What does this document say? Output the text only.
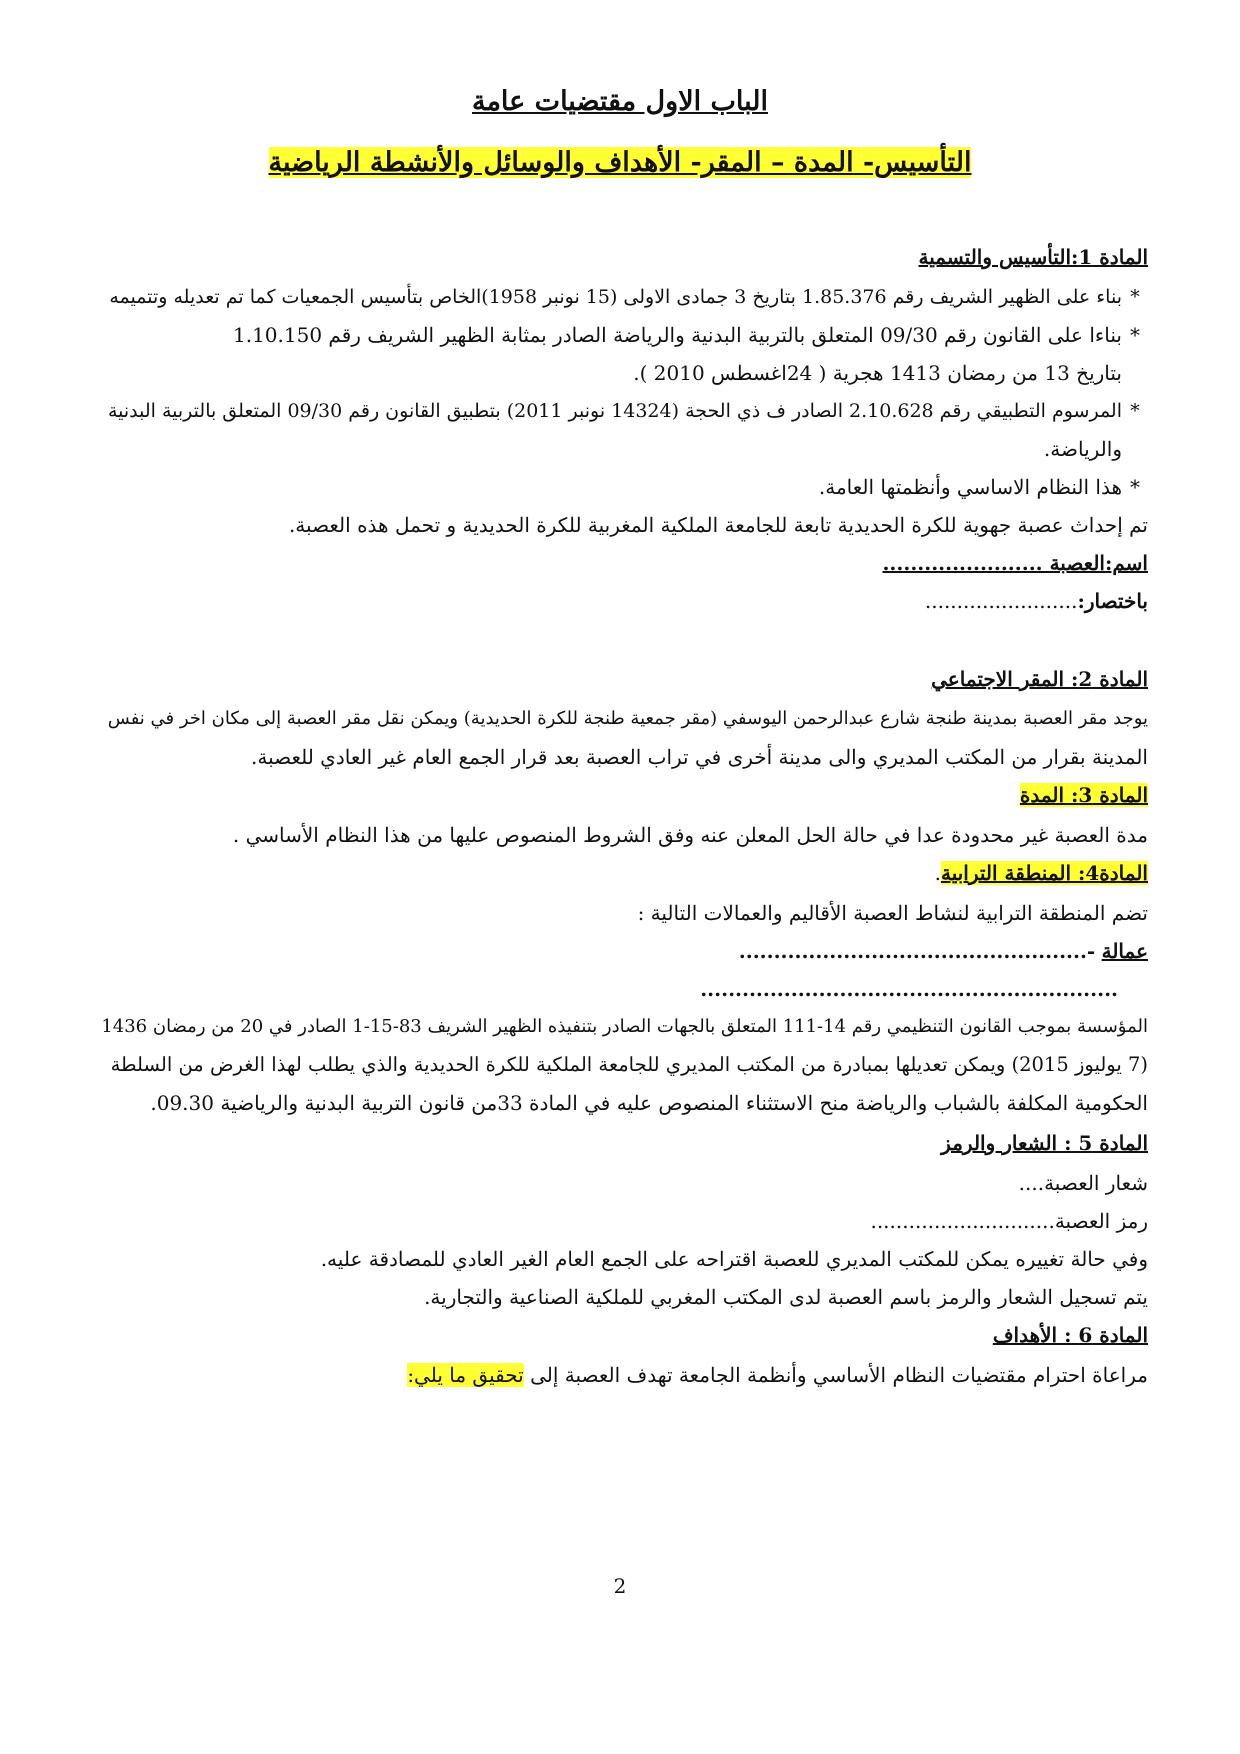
الباب الاول مقتضيات عامة
التأسيس- المدة – المقر- الأهداف والوسائل والأنشطة الرياضية
المادة 1:التأسيس والتسمية
*بناء على الظهير الشريف رقم 1.85.376 بتاريخ 3 جمادى الاولى (15 نونبر 1958)الخاص بتأسيس الجمعيات كما تم تعديله وتتميمه
*بناءا على القانون رقم 09/30 المتعلق بالتربية البدنية والرياضة الصادر بمثابة الظهير الشريف رقم 1.10.150
بتاريخ 13 من رمضان 1413 هجرية ( 24اغسطس 2010 ).
*المرسوم التطبيقي رقم 2.10.628 الصادر ف ذي الحجة (14324 نونبر 2011) بتطبيق القانون رقم 09/30 المتعلق بالتربية البدنية
والرياضة.
*هذا النظام الاساسي وأنظمتها العامة.
تم إحداث عصبة جهوية للكرة الحديدية تابعة للجامعة الملكية المغربية للكرة الحديدية و تحمل هذه العصبة.
اسم:العصبة .......................
باختصار:........................
المادة 2: المقر الاجتماعي
يوجد مقر العصبة بمدينة طنجة شارع عبدالرحمن اليوسفي (مقر جمعية طنجة للكرة الحديدية) ويمكن نقل مقر العصبة إلى مكان اخر في نفس
المدينة بقرار من المكتب المديري والى مدينة أخرى في تراب العصبة بعد قرار الجمع العام غير العادي للعصبة.
المادة 3: المدة
مدة العصبة غير محدودة عدا في حالة الحل المعلن عنه وفق الشروط المنصوص عليها من هذا النظام الأساسي .
المادة4: المنطقة الترابية.
تضم المنطقة الترابية لنشاط العصبة الأقاليم والعمالات التالية :
عمالة -..................................................
............................................................
المؤسسة بموجب القانون التنظيمي رقم 14-111 المتعلق بالجهات الصادر بتنفيذه الظهير الشريف 83-15-1 الصادر في 20 من رمضان 1436
(7 يوليوز 2015) ويمكن تعديلها بمبادرة من المكتب المديري للجامعة الملكية للكرة الحديدية والذي يطلب لهذا الغرض من السلطة
الحكومية المكلفة بالشباب والرياضة منح الاستثناء المنصوص عليه في المادة 33من قانون التربية البدنية والرياضية 09.30.
المادة 5 : الشعار والرمز
شعار العصبة....
رمز العصبة.............................
وفي حالة تغييره يمكن للمكتب المديري للعصبة اقتراحه على الجمع العام الغير العادي للمصادقة عليه.
يتم تسجيل الشعار والرمز باسم العصبة لدى المكتب المغربي للملكية الصناعية والتجارية.
المادة 6 : الأهداف
مراعاة احترام مقتضيات النظام الأساسي وأنظمة الجامعة تهدف العصبة إلى تحقيق ما يلي:
2
